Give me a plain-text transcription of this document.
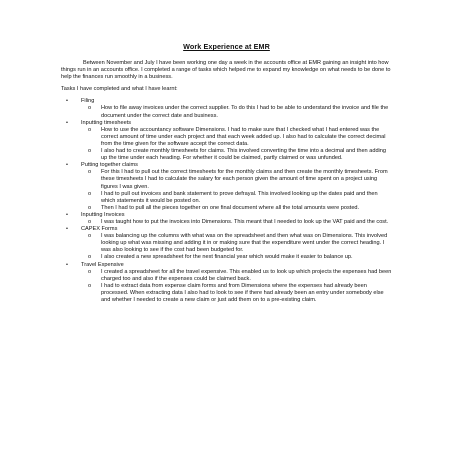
Work Experience at EMR

Between November and July I have been working one day a week in the accounts office at EMR gaining an insight into how things run in an accounts office. I completed a range of tasks which helped me to expand my knowledge on what needs to be done to help the finances run smoothly in a business.

Tasks I have completed and what I have learnt:

• Filing
o How to file away invoices under the correct supplier. To do this I had to be able to understand the invoice and file the document under the correct date and business.
• Inputting timesheets
o How to use the accountancy software Dimensions. I had to make sure that I checked what I had entered was the correct amount of time under each project and that each week added up. I also had to calculate the correct decimal from the time given for the software accept the correct data.
o I also had to create monthly timesheets for claims. This involved converting the time into a decimal and then adding up the time under each heading. For whether it could be claimed, partly claimed or was unfunded.
• Putting together claims
o For this I had to pull out the correct timesheets for the monthly claims and then create the monthly timesheets. From these timesheets I had to calculate the salary for each person given the amount of time spent on a project using figures I was given.
o I had to pull out invoices and bank statement to prove defrayal. This involved looking up the dates paid and then which statements it would be posted on.
o Then I had to pull all the pieces together on one final document where all the total amounts were posted.
• Inputting Invoices
o I was taught how to put the invoices into Dimensions. This meant that I needed to look up the VAT paid and the cost.
• CAPEX Forms
o I was balancing up the columns with what was on the spreadsheet and then what was on Dimensions. This involved looking up what was missing and adding it in or making sure that the expenditure went under the correct heading. I was also looking to see if the cost had been budgeted for.
o I also created a new spreadsheet for the next financial year which would make it easier to balance up.
• Travel Expensive
o I created a spreadsheet for all the travel expensive. This enabled us to look up which projects the expenses had been charged too and also if the expenses could be claimed back.
o I had to extract data from expense claim forms and from Dimensions where the expenses had already been processed. When extracting data I also had to look to see if there had already been an entry under somebody else and whether I needed to create a new claim or just add them on to a pre-existing claim.
